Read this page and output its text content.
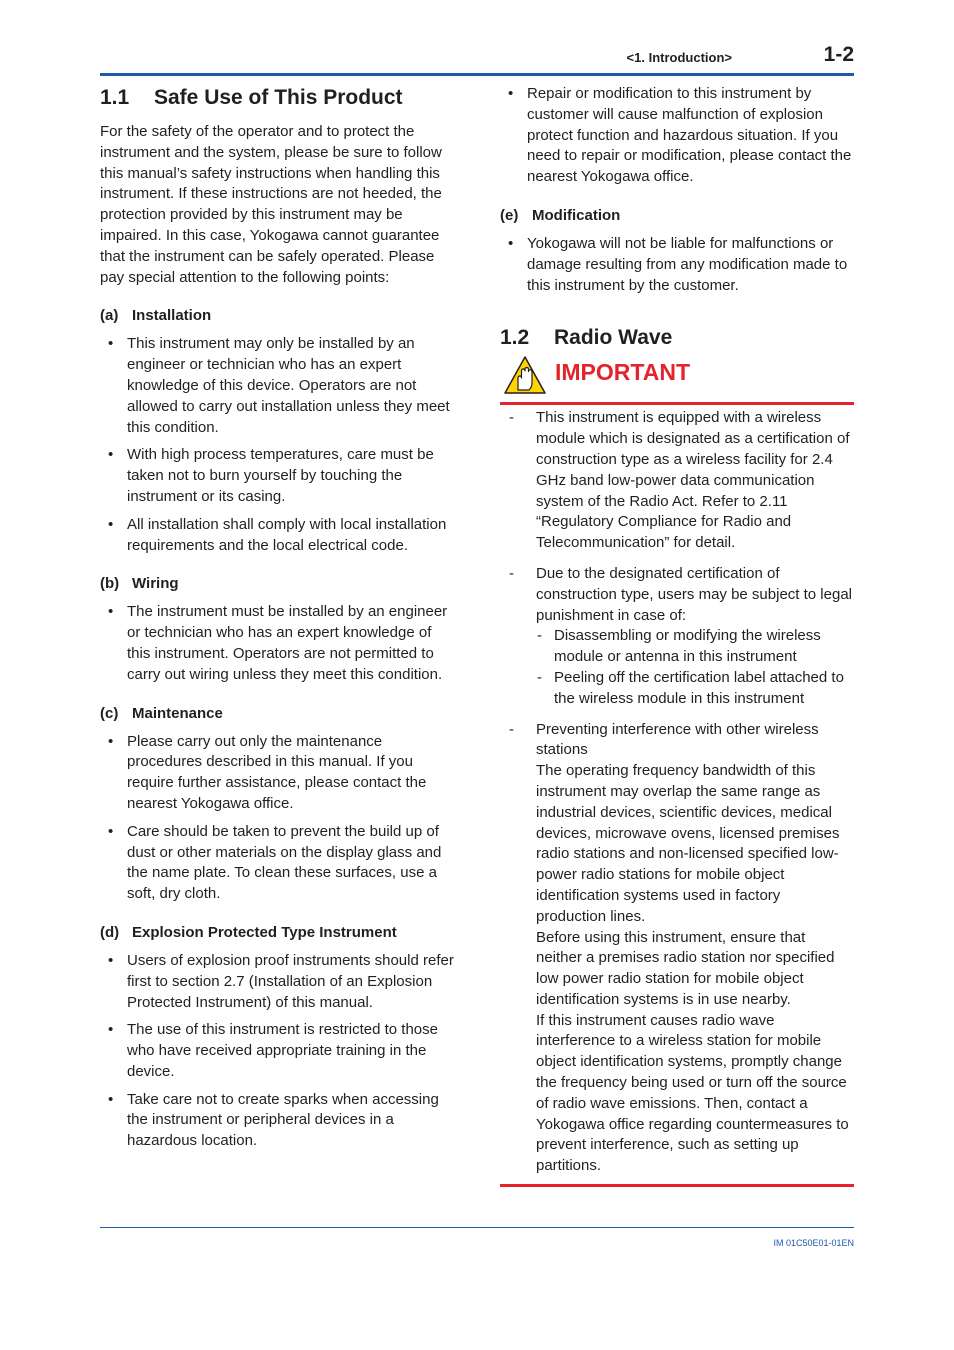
<1. Introduction>	1-2
1.1 Safe Use of This Product

For the safety of the operator and to protect the instrument and the system, please be sure to follow this manual’s safety instructions when handling this instrument. If these instructions are not heeded, the protection provided by this instrument may be impaired. In this case, Yokogawa cannot guarantee that the instrument can be safely operated. Please pay special attention to the following points:

(a) Installation
• This instrument may only be installed by an engineer or technician who has an expert knowledge of this device. Operators are not allowed to carry out installation unless they meet this condition.
• With high process temperatures, care must be taken not to burn yourself by touching the instrument or its casing.
• All installation shall comply with local installation requirements and the local electrical code.
(b) Wiring
• The instrument must be installed by an engineer or technician who has an expert knowledge of this instrument. Operators are not permitted to carry out wiring unless they meet this condition.
(c) Maintenance
• Please carry out only the maintenance procedures described in this manual. If you require further assistance, please contact the nearest Yokogawa office.
• Care should be taken to prevent the build up of dust or other materials on the display glass and the name plate. To clean these surfaces, use a soft, dry cloth.
(d) Explosion Protected Type Instrument
• Users of explosion proof instruments should refer first to section 2.7 (Installation of an Explosion Protected Instrument) of this manual.
• The use of this instrument is restricted to those who have received appropriate training in the device.
• Take care not to create sparks when accessing the instrument or peripheral devices in a hazardous location.
• Repair or modification to this instrument by customer will cause malfunction of explosion protect function and hazardous situation. If you need to repair or modification, please contact the nearest Yokogawa office.
(e) Modification
• Yokogawa will not be liable for malfunctions or damage resulting from any modification made to this instrument by the customer.
1.2 Radio Wave
IMPORTANT
- This instrument is equipped with a wireless module which is designated as a certification of construction type as a wireless facility for 2.4 GHz band low-power data communication system of the Radio Act. Refer to 2.11 “Regulatory Compliance for Radio and Telecommunication” for detail.
- Due to the designated certification of construction type, users may be subject to legal punishment in case of:
- Disassembling or modifying the wireless module or antenna in this instrument
- Peeling off the certification label attached to the wireless module in this instrument
- Preventing interference with other wireless stations
The operating frequency bandwidth of this instrument may overlap the same range as industrial devices, scientific devices, medical devices, microwave ovens, licensed premises radio stations and non-licensed specified low-power radio stations for mobile object identification systems used in factory production lines.
Before using this instrument, ensure that neither a premises radio station nor specified low power radio station for mobile object identification systems is in use nearby.
If this instrument causes radio wave interference to a wireless station for mobile object identification systems, promptly change the frequency being used or turn off the source of radio wave emissions. Then, contact a Yokogawa office regarding countermeasures to prevent interference, such as setting up partitions.
IM 01C50E01-01EN
